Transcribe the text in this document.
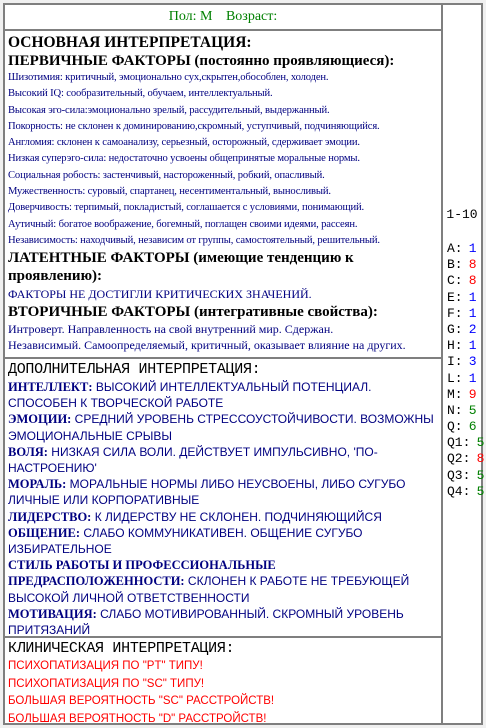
Пол: М Возраст:
ОСНОВНАЯ ИНТЕРПРЕТАЦИЯ:
ПЕРВИЧНЫЕ ФАКТОРЫ (постоянно проявляющиеся):
Шизотимия: критичный, эмоционально сух,скрытен,обособлен, холоден.
Высокий IQ: сообразительный, обучаем, интеллектуальный.
Высокая эго-сила:эмоционально зрелый, рассудительный, выдержанный.
Покорность: не склонен к доминированию,скромный, уступчивый, подчиняющийся.
Англомия: склонен к самоанализу, серьезный, осторожный, сдерживает эмоции.
Низкая суперэго-сила: недостаточно усвоены общепринятые моральные нормы.
Социальная робость: застенчивый, настороженный, робкий, опасливый.
Мужественность: суровый, спартанец, несентиментальный, выносливый.
Доверчивость: терпимый, покладистый, соглашается с условиями, понимающий.
Аутичный: богатое воображение, богемный, поглащен своими идеями, рассеян.
Независимость: находчивый, независим от группы, самостоятельный, решительный.
ЛАТЕНТНЫЕ ФАКТОРЫ (имеющие тенденцию к проявлению):
ФАКТОРЫ НЕ ДОСТИГЛИ КРИТИЧЕСКИХ ЗНАЧЕНИЙ.
ВТОРИЧНЫЕ ФАКТОРЫ (интегративные свойства):
Интроверт. Направленность на свой внутренний мир. Сдержан.
Независимый. Самоопределяемый, критичный, оказывает влияние на других.
ДОПОЛНИТЕЛЬНАЯ ИНТЕРПРЕТАЦИЯ:
ИНТЕЛЛЕКТ: ВЫСОКИЙ ИНТЕЛЛЕКТУАЛЬНЫЙ ПОТЕНЦИАЛ. СПОСОБЕН К ТВОРЧЕСКОЙ РАБОТЕ
ЭМОЦИИ: СРЕДНИЙ УРОВЕНЬ СТРЕССОУСТОЙЧИВОСТИ. ВОЗМОЖНЫ ЭМОЦИОНАЛЬНЫЕ СРЫВЫ
ВОЛЯ: НИЗКАЯ СИЛА ВОЛИ. ДЕЙСТВУЕТ ИМПУЛЬСИВНО, 'ПО-НАСТРОЕНИЮ'
МОРАЛЬ: МОРАЛЬНЫЕ НОРМЫ ЛИБО НЕУСВОЕНЫ, ЛИБО СУГУБО ЛИЧНЫЕ ИЛИ КОРПОРАТИВНЫЕ
ЛИДЕРСТВО: К ЛИДЕРСТВУ НЕ СКЛОНЕН. ПОДЧИНЯЮЩИЙСЯ
ОБЩЕНИЕ: СЛАБО КОММУНИКАТИВЕН. ОБЩЕНИЕ СУГУБО ИЗБИРАТЕЛЬНОЕ
СТИЛЬ РАБОТЫ И ПРОФЕССИОНАЛЬНЫЕ ПРЕДРАСПОЛОЖЕННОСТИ: СКЛОНЕН К РАБОТЕ НЕ ТРЕБУЮЩЕЙ ВЫСОКОЙ ЛИЧНОЙ ОТВЕТСТВЕННОСТИ
МОТИВАЦИЯ: СЛАБО МОТИВИРОВАННЫЙ. СКРОМНЫЙ УРОВЕНЬ ПРИТЯЗАНИЙ
КЛИНИЧЕСКАЯ ИНТЕРПРЕТАЦИЯ:
ПСИХОПАТИЗАЦИЯ ПО "PT" ТИПУ!
ПСИХОПАТИЗАЦИЯ ПО "SC" ТИПУ!
БОЛЬШАЯ ВЕРОЯТНОСТЬ "SC" РАССТРОЙСТВ!
БОЛЬШАЯ ВЕРОЯТНОСТЬ "D" РАССТРОЙСТВ!
1-10
A: 1
B: 8
C: 8
E: 1
F: 1
G: 2
H: 1
I: 3
L: 1
M: 9
N: 5
Q: 6
Q1: 5
Q2: 8
Q3: 5
Q4: 5
